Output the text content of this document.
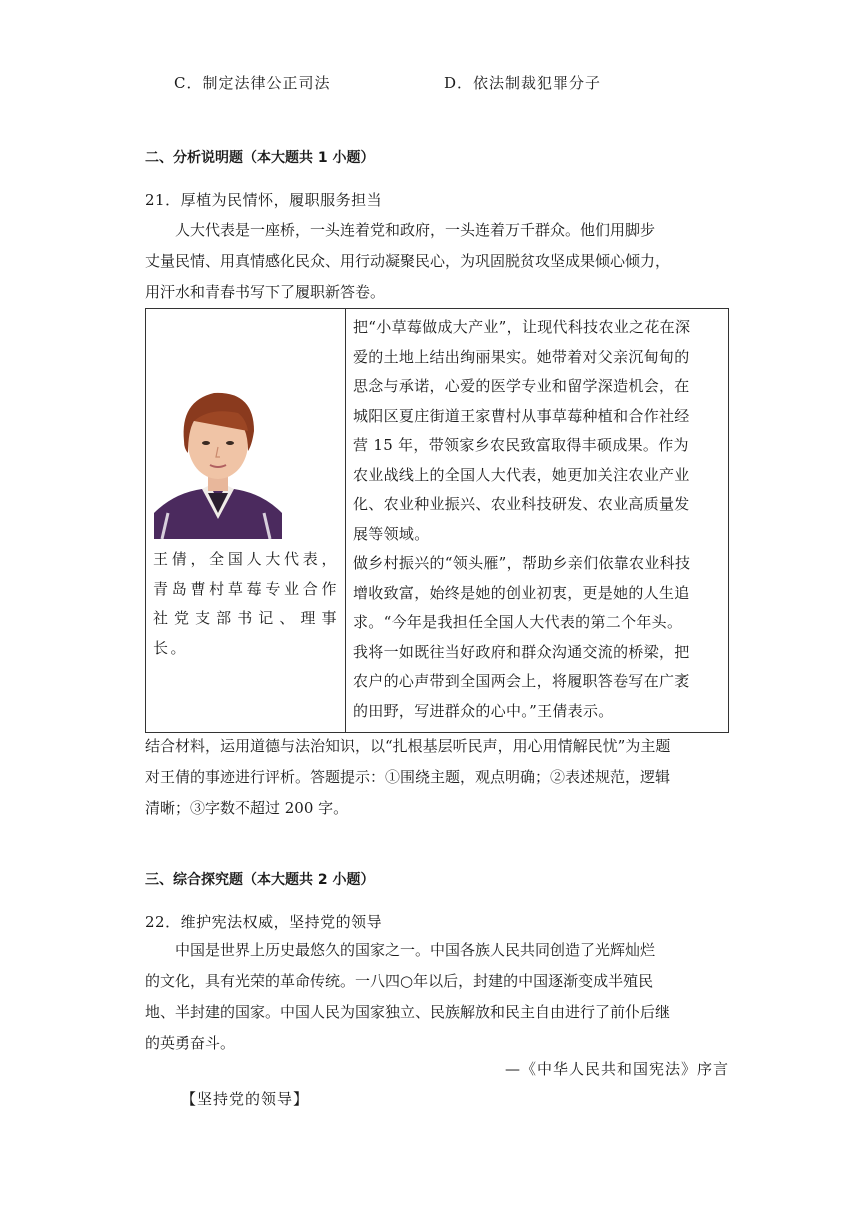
C．制定法律公正司法	D．依法制裁犯罪分子
二、分析说明题（本大题共 1 小题）
21．厚植为民情怀，履职服务担当
人大代表是一座桥，一头连着党和政府，一头连着万千群众。他们用脚步
丈量民情、用真情感化民众、用行动凝聚民心，为巩固脱贫攻坚成果倾心倾力，
用汗水和青春书写下了履职新答卷。
王倩，全国人大代表，青岛曹村草莓专业合作社党支部书记、理事长。
把“小草莓做成大产业”，让现代科技农业之花在深
爱的土地上结出绚丽果实。她带着对父亲沉甸甸的
思念与承诺，心爱的医学专业和留学深造机会，在
城阳区夏庄街道王家曹村从事草莓种植和合作社经
营 15 年，带领家乡农民致富取得丰硕成果。作为
农业战线上的全国人大代表，她更加关注农业产业
化、农业种业振兴、农业科技研发、农业高质量发
展等领域。
做乡村振兴的“领头雁”，帮助乡亲们依靠农业科技
增收致富，始终是她的创业初衷，更是她的人生追
求。“今年是我担任全国人大代表的第二个年头。
我将一如既往当好政府和群众沟通交流的桥梁，把
农户的心声带到全国两会上，将履职答卷写在广袤
的田野，写进群众的心中。”王倩表示。
结合材料，运用道德与法治知识，以“扎根基层听民声，用心用情解民忧”为主题
对王倩的事迹进行评析。答题提示：①围绕主题，观点明确；②表述规范，逻辑
清晰；③字数不超过 200 字。
三、综合探究题（本大题共 2 小题）
22．维护宪法权威，坚持党的领导
中国是世界上历史最悠久的国家之一。中国各族人民共同创造了光辉灿烂
的文化，具有光荣的革命传统。一八四○年以后，封建的中国逐渐变成半殖民
地、半封建的国家。中国人民为国家独立、民族解放和民主自由进行了前仆后继
的英勇奋斗。
—《中华人民共和国宪法》序言
【坚持党的领导】
